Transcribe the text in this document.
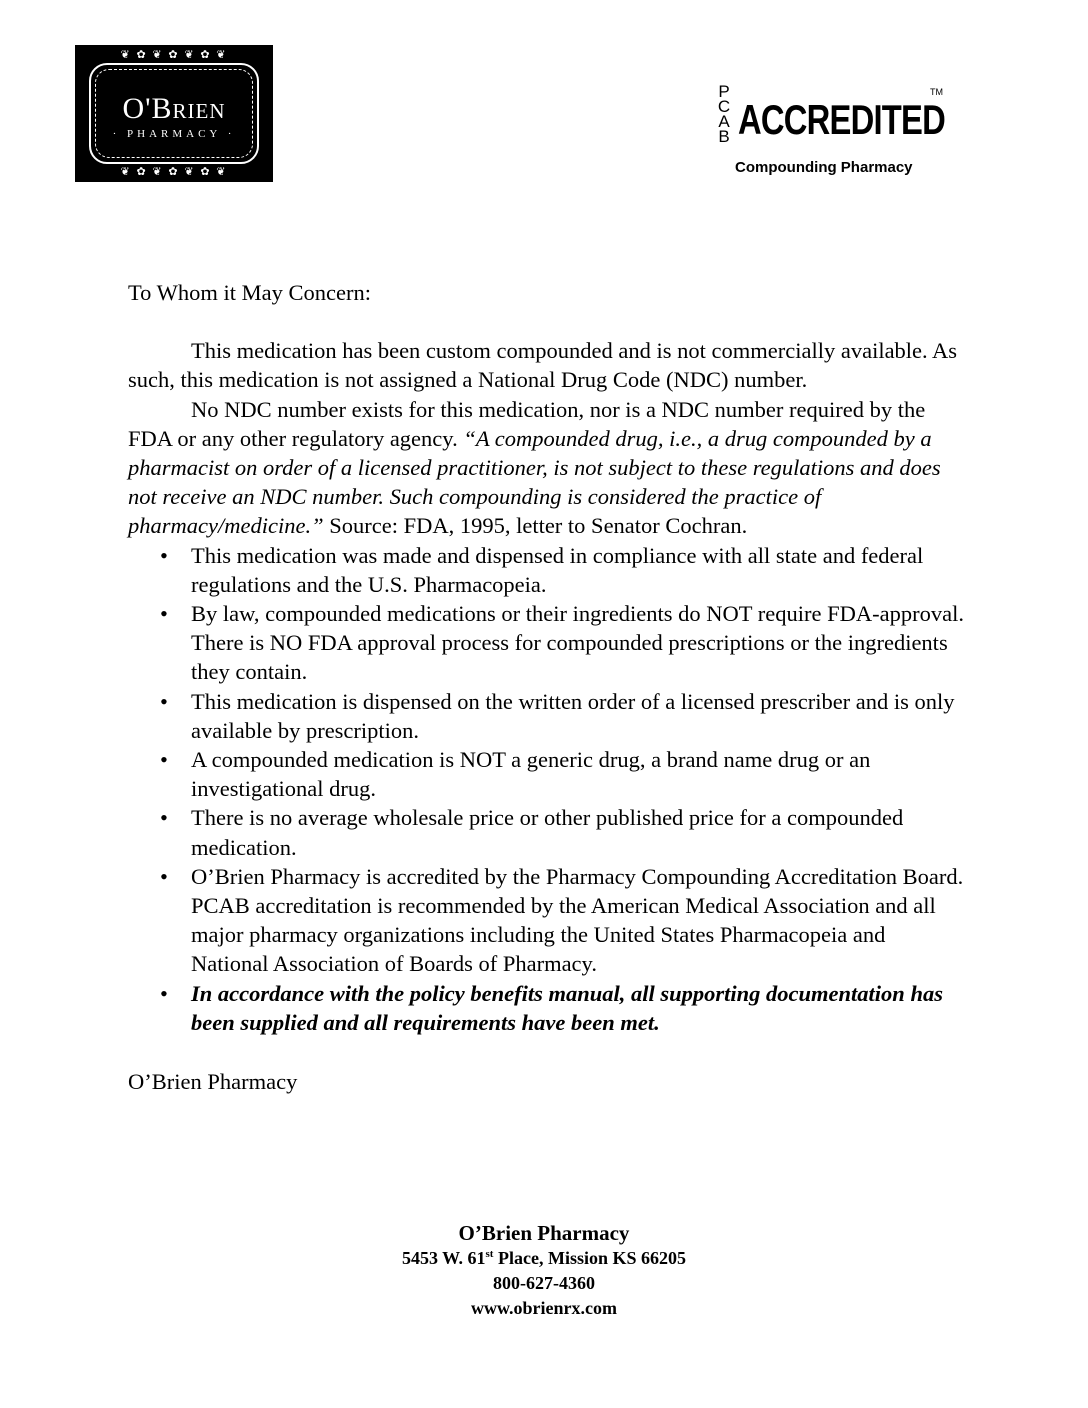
❦ ✿ ❦ ✿ ❦ ✿ ❦
O'Brien
· PHARMACY ·
❦ ✿ ❦ ✿ ❦ ✿ ❦
P
C
A
B ACCREDITED
TM
Compounding Pharmacy

To Whom it May Concern:

This medication has been custom compounded and is not commercially available. As such, this medication is not assigned a National Drug Code (NDC) number.

No NDC number exists for this medication, nor is a NDC number required by the FDA or any other regulatory agency. “A compounded drug, i.e., a drug compounded by a pharmacist on order of a licensed practitioner, is not subject to these regulations and does not receive an NDC number. Such compounding is considered the practice of pharmacy/medicine.” Source: FDA, 1995, letter to Senator Cochran.

• This medication was made and dispensed in compliance with all state and federal regulations and the U.S. Pharmacopeia.
• By law, compounded medications or their ingredients do NOT require FDA-approval. There is NO FDA approval process for compounded prescriptions or the ingredients they contain.
• This medication is dispensed on the written order of a licensed prescriber and is only available by prescription.
• A compounded medication is NOT a generic drug, a brand name drug or an investigational drug.
• There is no average wholesale price or other published price for a compounded medication.
• O’Brien Pharmacy is accredited by the Pharmacy Compounding Accreditation Board. PCAB accreditation is recommended by the American Medical Association and all major pharmacy organizations including the United States Pharmacopeia and National Association of Boards of Pharmacy.
• In accordance with the policy benefits manual, all supporting documentation has been supplied and all requirements have been met.

O’Brien Pharmacy

O’Brien Pharmacy
5453 W. 61st Place, Mission KS 66205
800-627-4360
www.obrienrx.com
